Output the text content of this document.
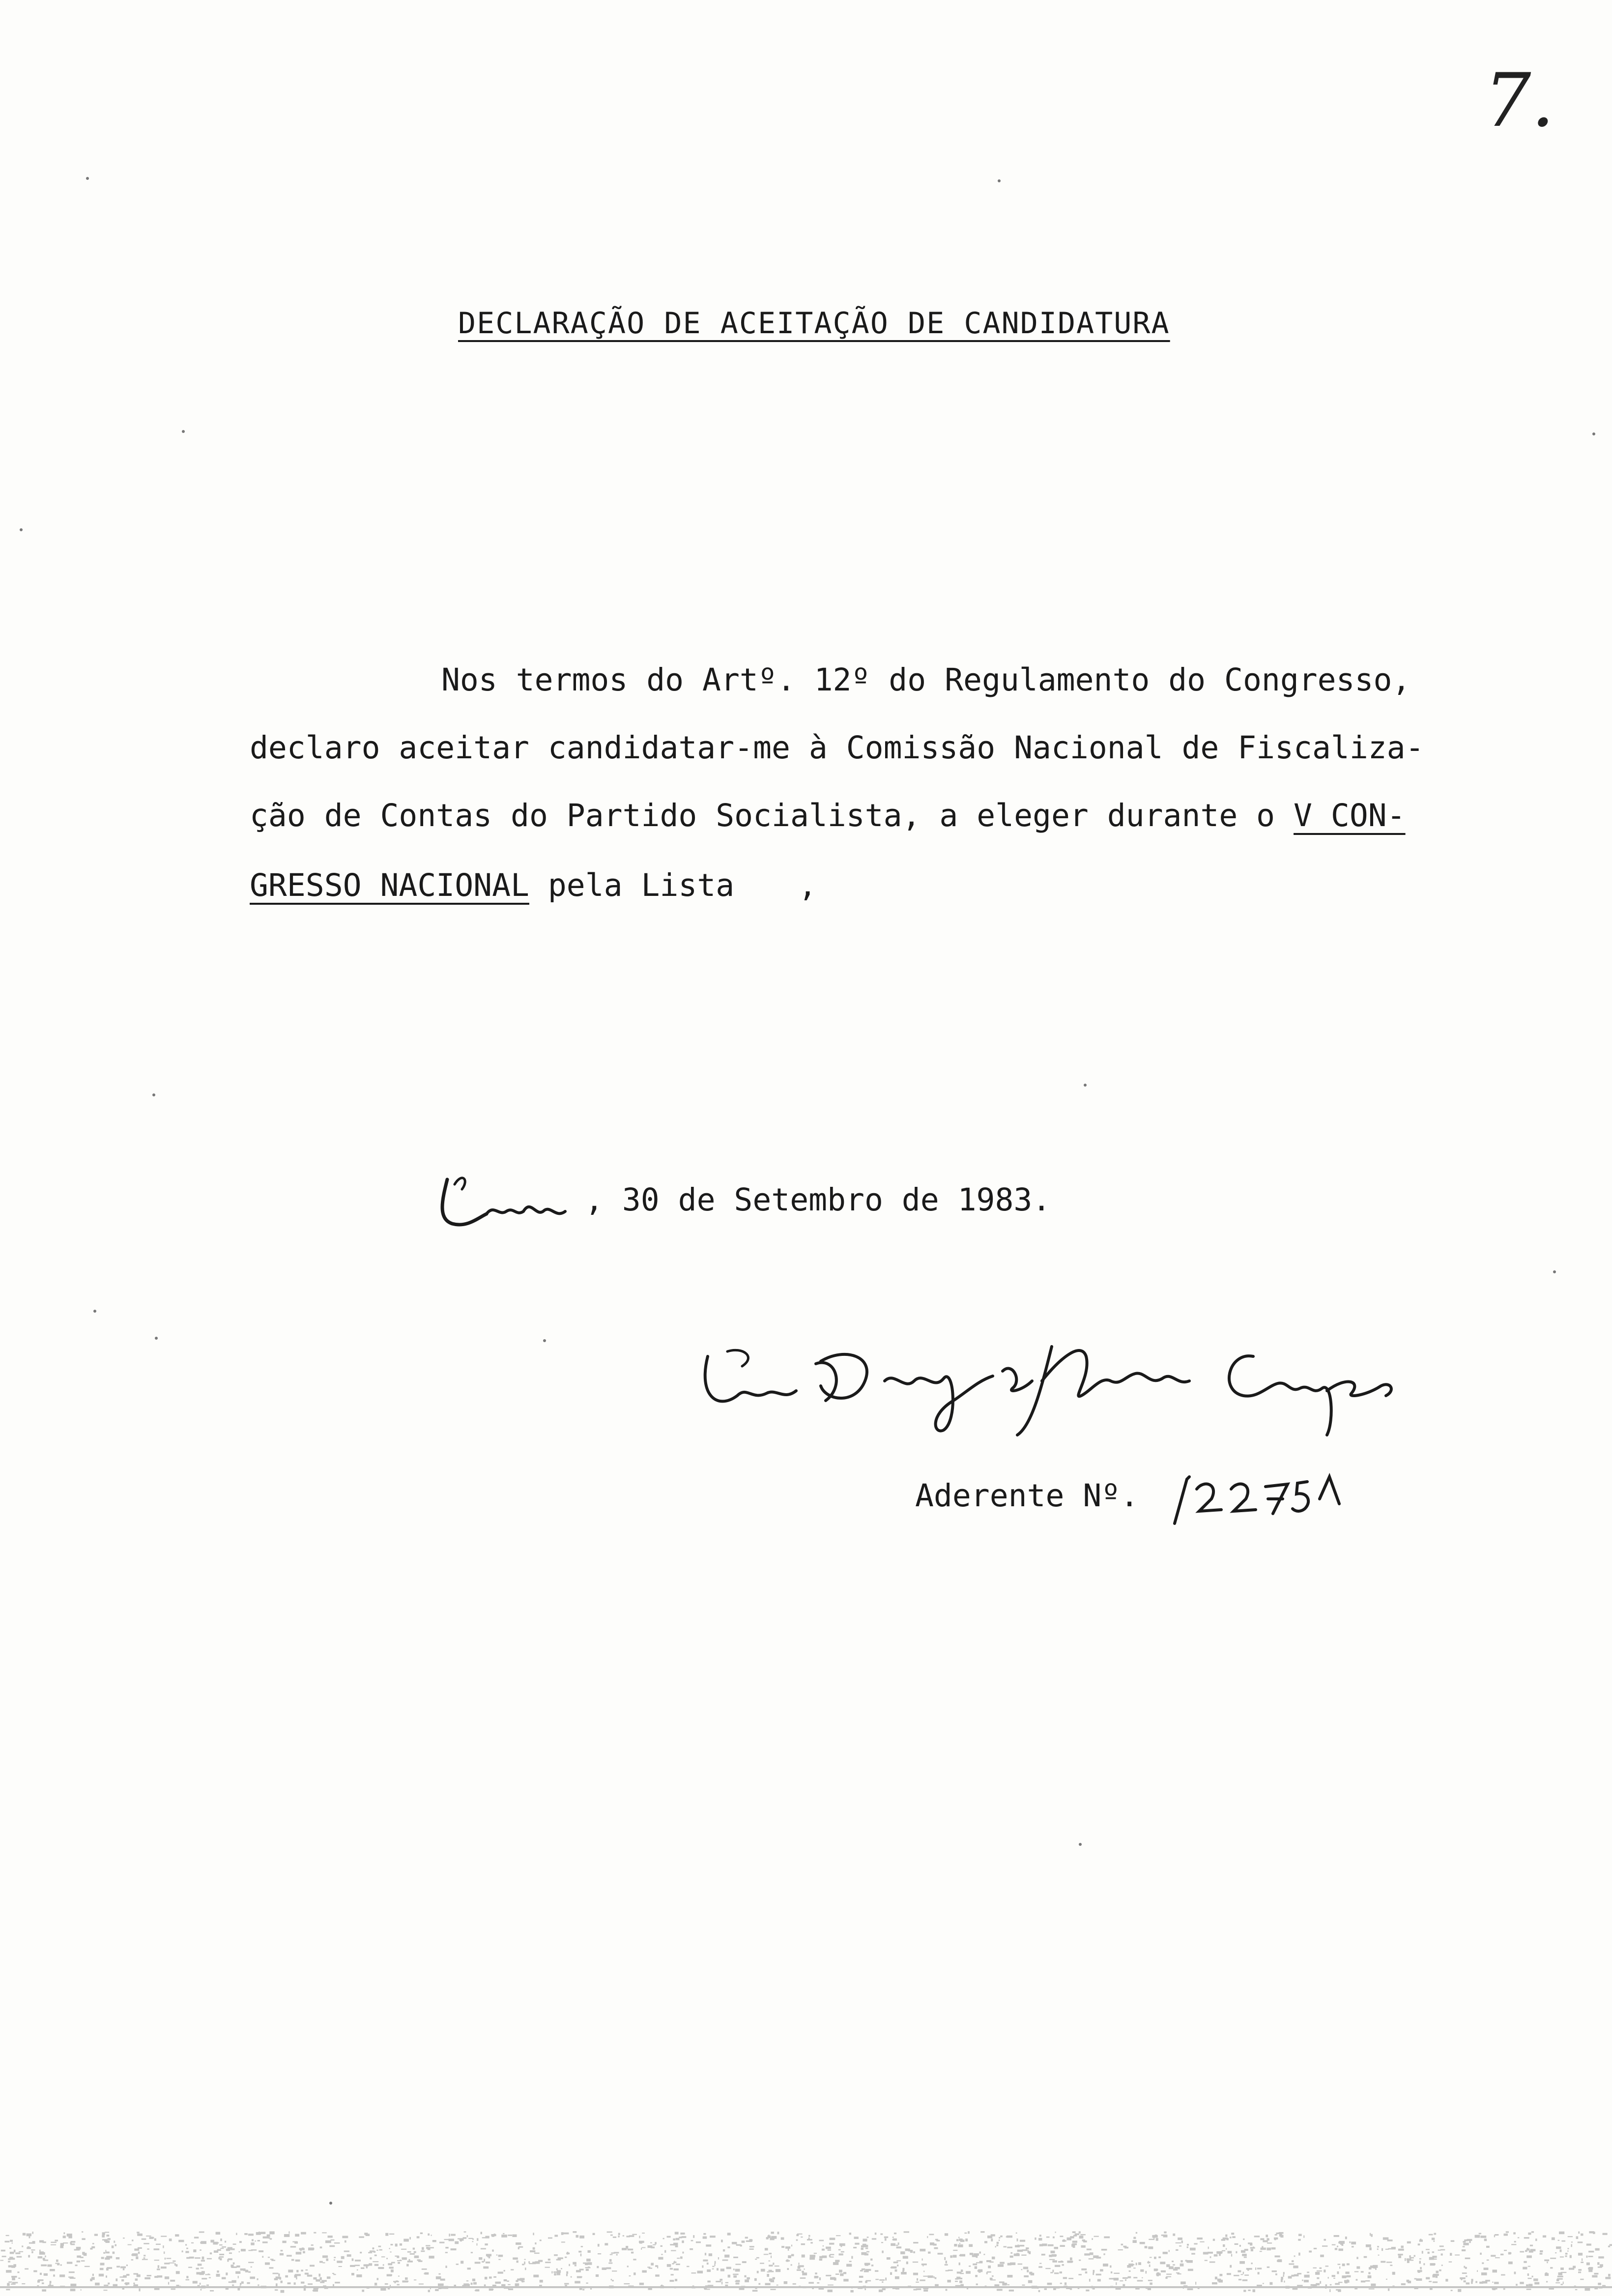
7.
DECLARAÇÃO DE ACEITAÇÃO DE CANDIDATURA
Nos termos do Artº. 12º do Regulamento do Congresso,
declaro aceitar candidatar-me à Comissão Nacional de Fiscaliza-
ção de Contas do Partido Socialista, a eleger durante o V CON-
GRESSO NACIONAL pela Lista ,
, 30 de Setembro de 1983.
Aderente Nº.
